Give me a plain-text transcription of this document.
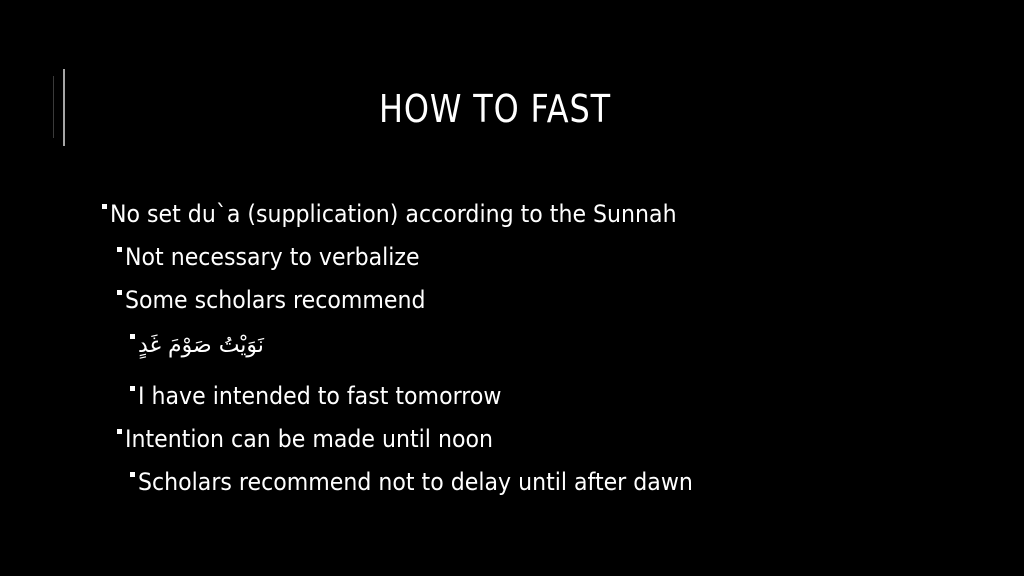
HOW TO FAST
No set du`a (supplication) according to the Sunnah
Not necessary to verbalize
Some scholars recommend
نَوَيْتُ صَوْمَ غَدٍ
I have intended to fast tomorrow
Intention can be made until noon
Scholars recommend not to delay until after dawn
